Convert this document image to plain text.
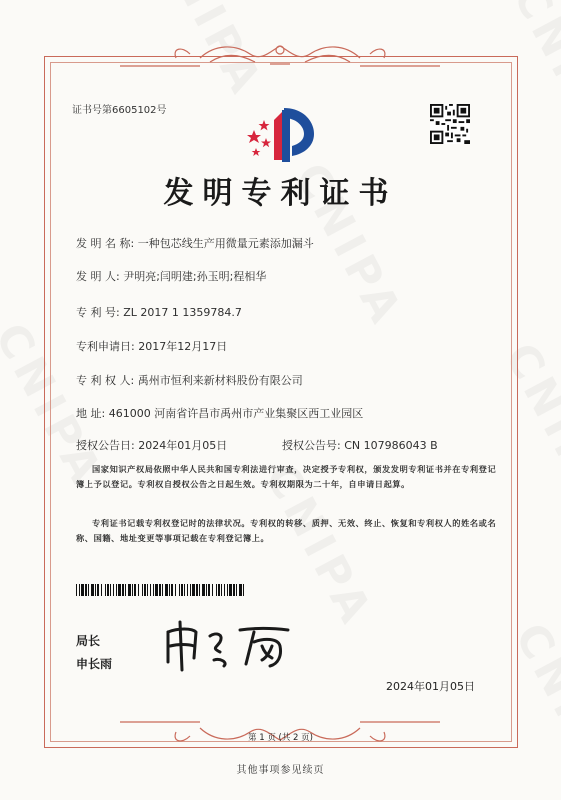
证书号第6605102号
发明专利证书
发 明 名 称: 一种包芯线生产用微量元素添加漏斗
发 明 人: 尹明亮;闫明建;孙玉明;程相华
专 利 号: ZL 2017 1 1359784.7
专利申请日: 2017年12月17日
专 利 权 人: 禹州市恒利来新材料股份有限公司
地 址: 461000 河南省许昌市禹州市产业集聚区西工业园区
授权公告日: 2024年01月05日	授权公告号: CN 107986043 B
国家知识产权局依照中华人民共和国专利法进行审查，决定授予专利权，颁发发明专利证书并在专利登记簿上予以登记。专利权自授权公告之日起生效。专利权期限为二十年，自申请日起算。
专利证书记载专利权登记时的法律状况。专利权的转移、质押、无效、终止、恢复和专利权人的姓名或名称、国籍、地址变更等事项记载在专利登记簿上。
局长
申长雨
2024年01月05日
第 1 页 (共 2 页)
其他事项参见续页
